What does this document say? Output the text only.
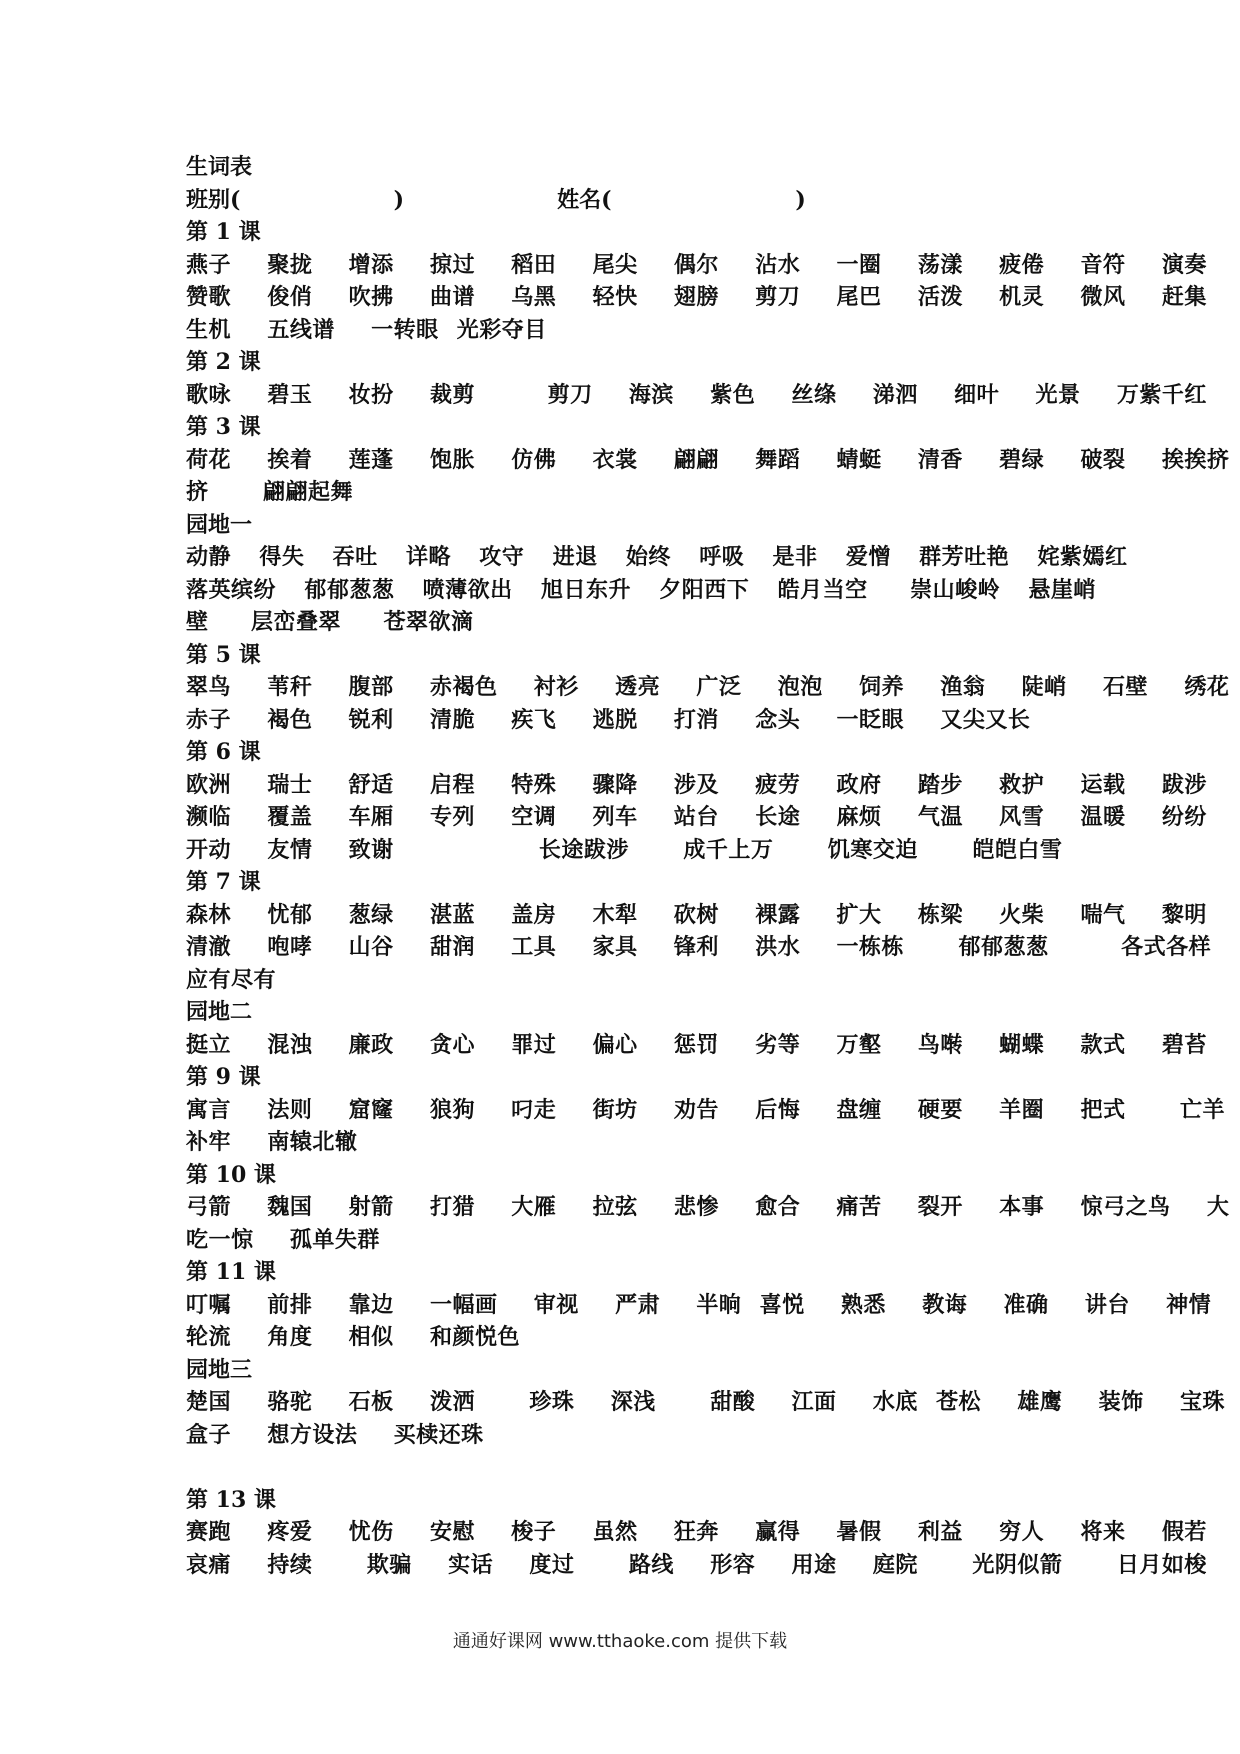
生词表
班别(                    )                    姓名(                        )
第 1 课
燕子  聚拢  增添  掠过  稻田  尾尖  偶尔  沾水  一圈  荡漾  疲倦  音符  演奏
赞歌  俊俏  吹拂  曲谱  乌黑  轻快  翅膀  剪刀  尾巴  活泼  机灵  微风  赶集
生机  五线谱  一转眼 光彩夺目
第 2 课
歌咏  碧玉  妆扮  裁剪    剪刀  海滨  紫色  丝绦  涕泗  细叶  光景  万紫千红
第 3 课
荷花  挨着  莲蓬  饱胀  仿佛  衣裳  翩翩  舞蹈  蜻蜓  清香  碧绿  破裂  挨挨挤
挤   翩翩起舞
园地一
动静  得失  吞吐  详略  攻守  进退  始终  呼吸  是非  爱憎  群芳吐艳  姹紫嫣红
落英缤纷  郁郁葱葱  喷薄欲出  旭日东升  夕阳西下  皓月当空   崇山峻岭  悬崖峭
壁   层峦叠翠   苍翠欲滴
第 5 课
翠鸟  苇秆  腹部  赤褐色  衬衫  透亮  广泛  泡泡  饲养  渔翁  陡峭  石壁  绣花
赤子  褐色  锐利  清脆  疾飞  逃脱  打消  念头  一眨眼  又尖又长
第 6 课
欧洲  瑞士  舒适  启程  特殊  骤降  涉及  疲劳  政府  踏步  救护  运载  跋涉
濒临  覆盖  车厢  专列  空调  列车  站台  长途  麻烦  气温  风雪  温暖  纷纷
开动  友情  致谢        长途跋涉   成千上万   饥寒交迫   皑皑白雪
第 7 课
森林  忧郁  葱绿  湛蓝  盖房  木犁  砍树  裸露  扩大  栋梁  火柴  喘气  黎明
清澈  咆哮  山谷  甜润  工具  家具  锋利  洪水  一栋栋   郁郁葱葱    各式各样
应有尽有
园地二
挺立  混浊  廉政  贪心  罪过  偏心  惩罚  劣等  万壑  鸟啭  蝴蝶  款式  碧苔
第 9 课
寓言  法则  窟窿  狼狗  叼走  街坊  劝告  后悔  盘缠  硬要  羊圈  把式   亡羊
补牢  南辕北辙
第 10 课
弓箭  魏国  射箭  打猎  大雁  拉弦  悲惨  愈合  痛苦  裂开  本事  惊弓之鸟  大
吃一惊  孤单失群
第 11 课
叮嘱  前排  靠边  一幅画  审视  严肃  半晌 喜悦  熟悉  教诲  准确  讲台  神情
轮流  角度  相似  和颜悦色
园地三
楚国  骆驼  石板  泼洒   珍珠  深浅   甜酸  江面  水底 苍松  雄鹰  装饰  宝珠
盒子  想方设法  买椟还珠
第 13 课
赛跑  疼爱  忧伤  安慰  梭子  虽然  狂奔  赢得  暑假  利益  穷人  将来  假若
哀痛  持续   欺骗  实话  度过   路线  形容  用途  庭院   光阴似箭   日月如梭
通通好课网 www.tthaoke.com 提供下载
